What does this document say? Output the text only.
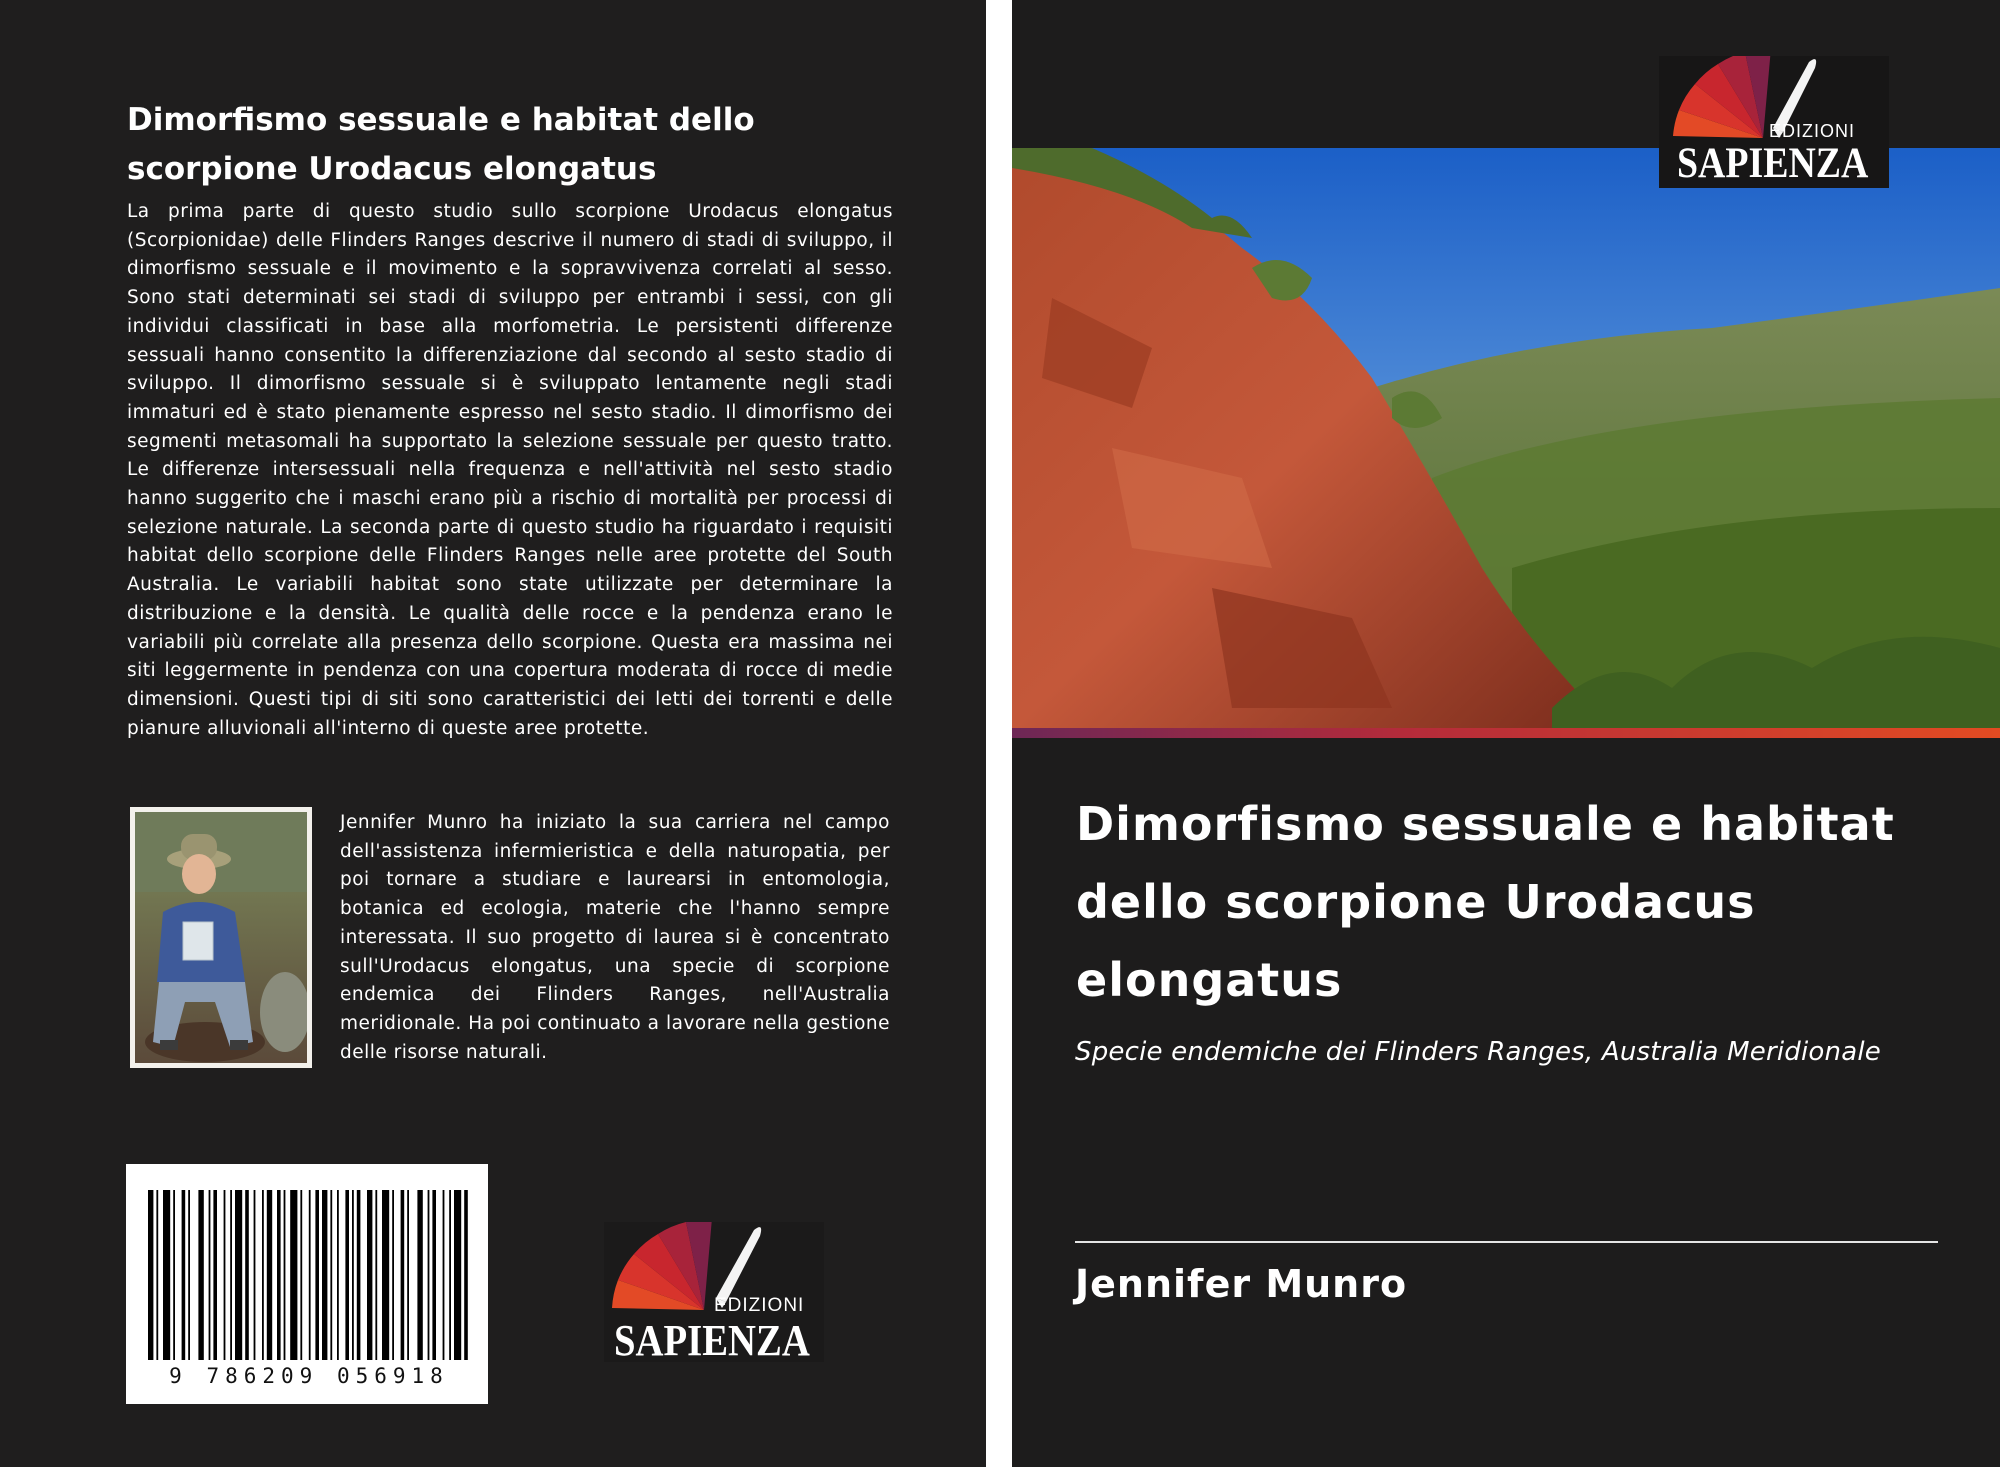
Dimorfismo sessuale e habitat dello scorpione Urodacus elongatus
La prima parte di questo studio sullo scorpione Urodacus elongatus (Scorpionidae) delle Flinders Ranges descrive il numero di stadi di sviluppo, il dimorfismo sessuale e il movimento e la sopravvivenza correlati al sesso. Sono stati determinati sei stadi di sviluppo per entrambi i sessi, con gli individui classificati in base alla morfometria. Le persistenti differenze sessuali hanno consentito la differenziazione dal secondo al sesto stadio di sviluppo. Il dimorfismo sessuale si è sviluppato lentamente negli stadi immaturi ed è stato pienamente espresso nel sesto stadio. Il dimorfismo dei segmenti metasomali ha supportato la selezione sessuale per questo tratto. Le differenze intersessuali nella frequenza e nell'attività nel sesto stadio hanno suggerito che i maschi erano più a rischio di mortalità per processi di selezione naturale. La seconda parte di questo studio ha riguardato i requisiti habitat dello scorpione delle Flinders Ranges nelle aree protette del South Australia. Le variabili habitat sono state utilizzate per determinare la distribuzione e la densità. Le qualità delle rocce e la pendenza erano le variabili più correlate alla presenza dello scorpione. Questa era massima nei siti leggermente in pendenza con una copertura moderata di rocce di medie dimensioni. Questi tipi di siti sono caratteristici dei letti dei torrenti e delle pianure alluvionali all'interno di queste aree protette.
Jennifer Munro ha iniziato la sua carriera nel campo dell'assistenza infermieristica e della naturopatia, per poi tornare a studiare e laurearsi in entomologia, botanica ed ecologia, materie che l'hanno sempre interessata. Il suo progetto di laurea si è concentrato sull'Urodacus elongatus, una specie di scorpione endemica dei Flinders Ranges, nell'Australia meridionale. Ha poi continuato a lavorare nella gestione delle risorse naturali.
9 786209 056918
EDIZIONI
SAPIENZA
EDIZIONI
SAPIENZA
Dimorfismo sessuale e habitat dello scorpione Urodacus elongatus
Specie endemiche dei Flinders Ranges, Australia Meridionale
Jennifer Munro
